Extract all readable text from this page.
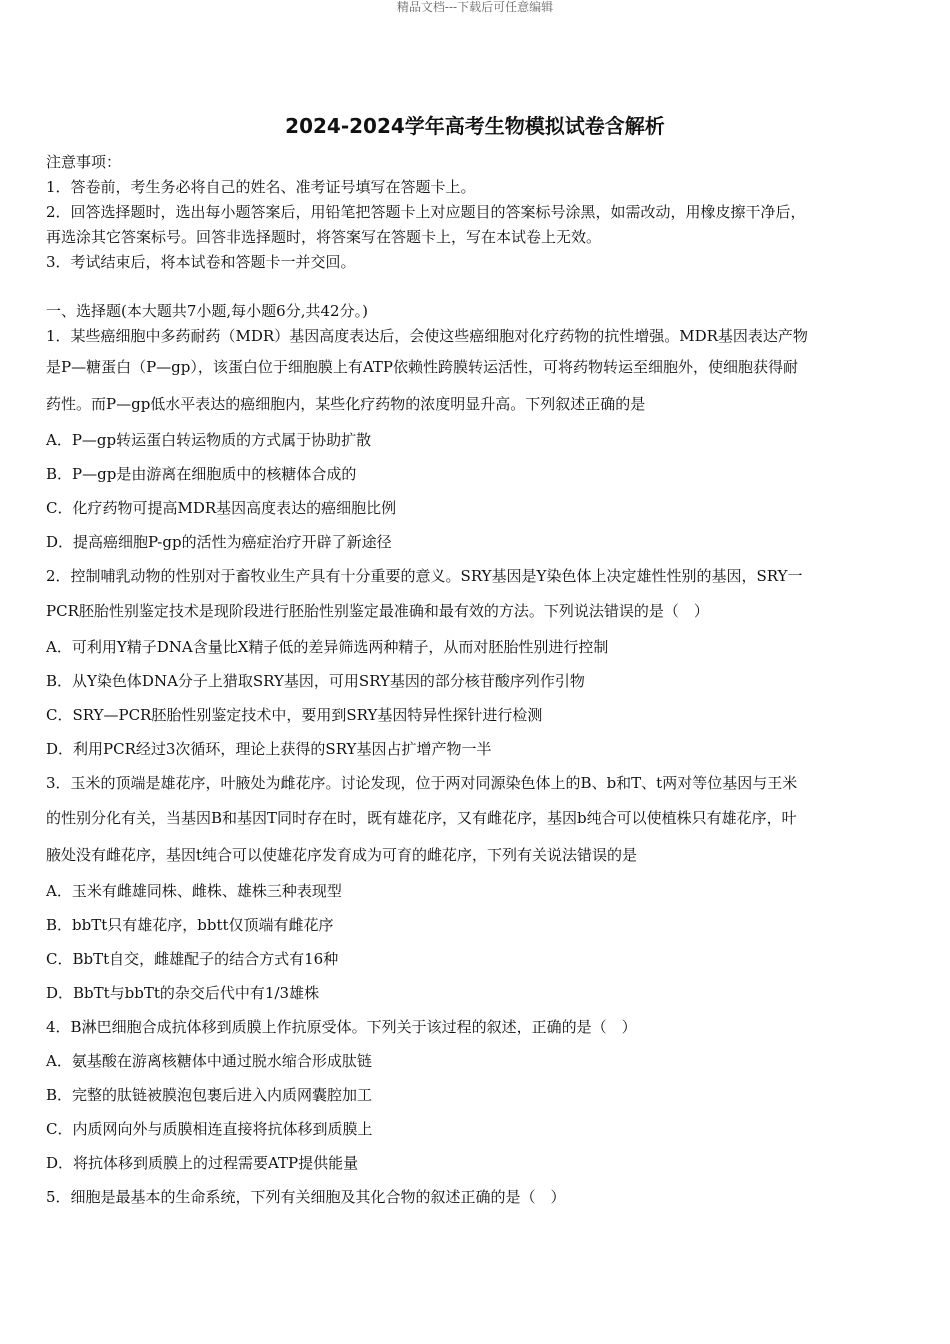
精品文档---下载后可任意编辑
2024-2024学年高考生物模拟试卷含解析

注意事项：

1．答卷前，考生务必将自己的姓名、准考证号填写在答题卡上。

2．回答选择题时，选出每小题答案后，用铅笔把答题卡上对应题目的答案标号涂黑，如需改动，用橡皮擦干净后，

再选涂其它答案标号。回答非选择题时，将答案写在答题卡上，写在本试卷上无效。

3．考试结束后，将本试卷和答题卡一并交回。

一、选择题(本大题共7小题,每小题6分,共42分。)

1．某些癌细胞中多药耐药（MDR）基因高度表达后，会使这些癌细胞对化疗药物的抗性增强。MDR基因表达产物

是P—糖蛋白（P—gp），该蛋白位于细胞膜上有ATP依赖性跨膜转运活性，可将药物转运至细胞外，使细胞获得耐

药性。而P—gp低水平表达的癌细胞内，某些化疗药物的浓度明显升高。下列叙述正确的是

A．P—gp转运蛋白转运物质的方式属于协助扩散

B．P—gp是由游离在细胞质中的核糖体合成的

C．化疗药物可提高MDR基因高度表达的癌细胞比例

D．提高癌细胞P-gp的活性为癌症治疗开辟了新途径

2．控制哺乳动物的性别对于畜牧业生产具有十分重要的意义。SRY基因是Y染色体上决定雄性性别的基因，SRY一

PCR胚胎性别鉴定技术是现阶段进行胚胎性别鉴定最准确和最有效的方法。下列说法错误的是（　）

A．可利用Y精子DNA含量比X精子低的差异筛选两种精子，从而对胚胎性别进行控制

B．从Y染色体DNA分子上猎取SRY基因，可用SRY基因的部分核苷酸序列作引物

C．SRY—PCR胚胎性别鉴定技术中，要用到SRY基因特异性探针进行检测

D．利用PCR经过3次循环，理论上获得的SRY基因占扩增产物一半

3．玉米的顶端是雄花序，叶腋处为雌花序。讨论发现，位于两对同源染色体上的B、b和T、t两对等位基因与王米

的性别分化有关，当基因B和基因T同时存在时，既有雄花序，又有雌花序，基因b纯合可以使植株只有雄花序，叶

腋处没有雌花序，基因t纯合可以使雄花序发育成为可育的雌花序，下列有关说法错误的是

A．玉米有雌雄同株、雌株、雄株三种表现型

B．bbTt只有雄花序，bbtt仅顶端有雌花序

C．BbTt自交，雌雄配子的结合方式有16种

D．BbTt与bbTt的杂交后代中有1/3雄株

4．B淋巴细胞合成抗体移到质膜上作抗原受体。下列关于该过程的叙述，正确的是（　）

A．氨基酸在游离核糖体中通过脱水缩合形成肽链

B．完整的肽链被膜泡包裹后进入内质网囊腔加工

C．内质网向外与质膜相连直接将抗体移到质膜上

D．将抗体移到质膜上的过程需要ATP提供能量

5．细胞是最基本的生命系统，下列有关细胞及其化合物的叙述正确的是（　）
